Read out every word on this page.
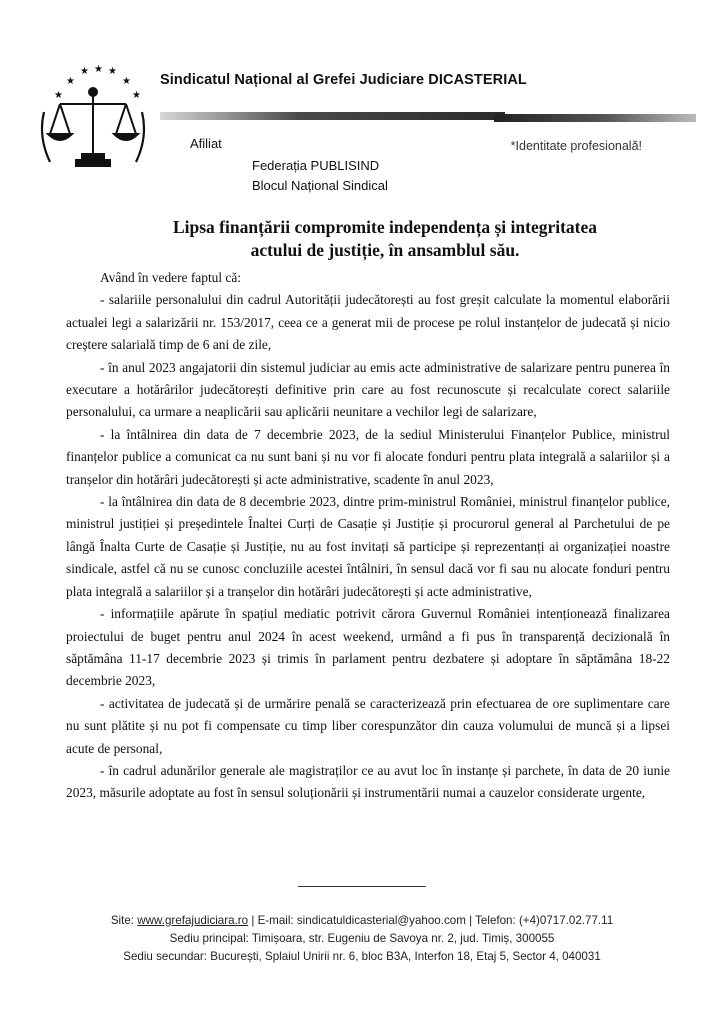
★ ★ ★
★	★
★	★
Sindicatul Național al Grefei Judiciare DICASTERIAL
Afiliat	*Identitate profesională!
Federația PUBLISIND
Blocul Național Sindical
Lipsa finanțării compromite independența și integritatea
actului de justiție, în ansamblul său.

Având în vedere faptul că:

- salariile personalului din cadrul Autorității judecătorești au fost greșit calculate la momentul elaborării actualei legi a salarizării nr. 153/2017, ceea ce a generat mii de procese pe rolul instanțelor de judecată și nicio creștere salarială timp de 6 ani de zile,

- în anul 2023 angajatorii din sistemul judiciar au emis acte administrative de salarizare pentru punerea în executare a hotărârilor judecătorești definitive prin care au fost recunoscute și recalculate corect salariile personalului, ca urmare a neaplicării sau aplicării neunitare a vechilor legi de salarizare,

- la întâlnirea din data de 7 decembrie 2023, de la sediul Ministerului Finanțelor Publice, ministrul finanțelor publice a comunicat ca nu sunt bani și nu vor fi alocate fonduri pentru plata integrală a salariilor și a tranșelor din hotărâri judecătorești și acte administrative, scadente în anul 2023,

- la întâlnirea din data de 8 decembrie 2023, dintre prim-ministrul României, ministrul finanțelor publice, ministrul justiției și președintele Înaltei Curți de Casație și Justiție și procurorul general al Parchetului de pe lângă Înalta Curte de Casație și Justiție, nu au fost invitați să participe și reprezentanți ai organizației noastre sindicale, astfel că nu se cunosc concluziile acestei întâlniri, în sensul dacă vor fi sau nu alocate fonduri pentru plata integrală a salariilor și a tranșelor din hotărâri judecătorești și acte administrative,

- informațiile apărute în spațiul mediatic potrivit cărora Guvernul României intenționează finalizarea proiectului de buget pentru anul 2024 în acest weekend, urmând a fi pus în transparență decizională în săptămâna 11-17 decembrie 2023 și trimis în parlament pentru dezbatere și adoptare în săptămâna 18-22 decembrie 2023,

- activitatea de judecată și de urmărire penală se caracterizează prin efectuarea de ore suplimentare care nu sunt plătite și nu pot fi compensate cu timp liber corespunzător din cauza volumului de muncă și a lipsei acute de personal,

- în cadrul adunărilor generale ale magistraților ce au avut loc în instanțe și parchete, în data de 20 iunie 2023, măsurile adoptate au fost în sensul soluționării și instrumentării numai a cauzelor considerate urgente,

Site: www.grefajudiciara.ro | E-mail: sindicatuldicasterial@yahoo.com | Telefon: (+4)0717.02.77.11
Sediu principal: Timișoara, str. Eugeniu de Savoya nr. 2, jud. Timiș, 300055
Sediu secundar: București, Splaiul Unirii nr. 6, bloc B3A, Interfon 18, Etaj 5, Sector 4, 040031
